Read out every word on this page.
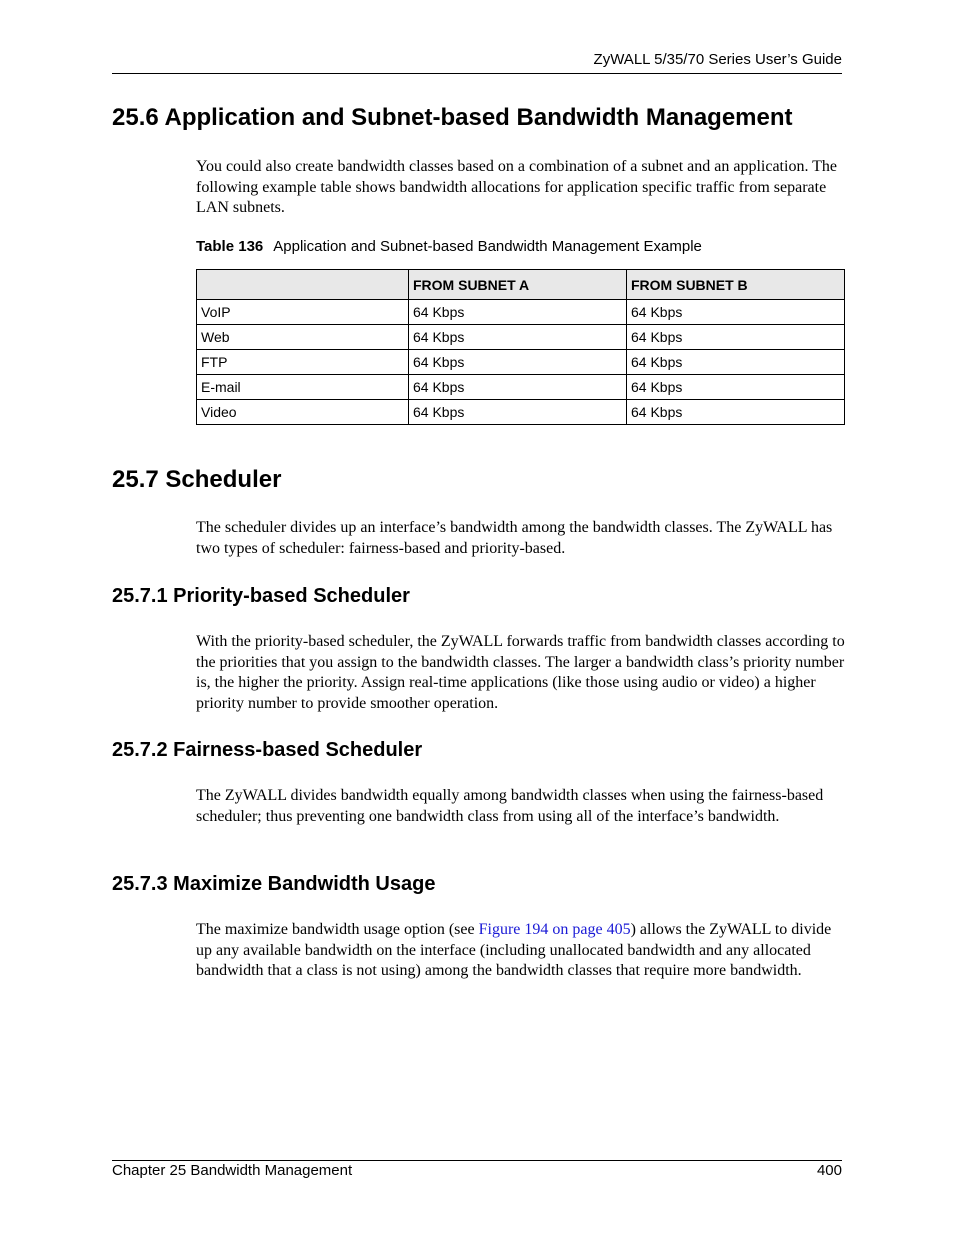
ZyWALL 5/35/70 Series User’s Guide
25.6 Application and Subnet-based Bandwidth Management

You could also create bandwidth classes based on a combination of a subnet and an application. The following example table shows bandwidth allocations for application specific traffic from separate LAN subnets.

Table 136 Application and Subnet-based Bandwidth Management Example
	FROM SUBNET A	FROM SUBNET B
VoIP	64 Kbps	64 Kbps
Web	64 Kbps	64 Kbps
FTP	64 Kbps	64 Kbps
E-mail	64 Kbps	64 Kbps
Video	64 Kbps	64 Kbps
25.7 Scheduler

The scheduler divides up an interface’s bandwidth among the bandwidth classes. The ZyWALL has two types of scheduler: fairness-based and priority-based.

25.7.1 Priority-based Scheduler

With the priority-based scheduler, the ZyWALL forwards traffic from bandwidth classes according to the priorities that you assign to the bandwidth classes. The larger a bandwidth class’s priority number is, the higher the priority. Assign real-time applications (like those using audio or video) a higher priority number to provide smoother operation.

25.7.2 Fairness-based Scheduler

The ZyWALL divides bandwidth equally among bandwidth classes when using the fairness-based scheduler; thus preventing one bandwidth class from using all of the interface’s bandwidth.

25.7.3 Maximize Bandwidth Usage

The maximize bandwidth usage option (see Figure 194 on page 405) allows the ZyWALL to divide up any available bandwidth on the interface (including unallocated bandwidth and any allocated bandwidth that a class is not using) among the bandwidth classes that require more bandwidth.

Chapter 25 Bandwidth Management	400
